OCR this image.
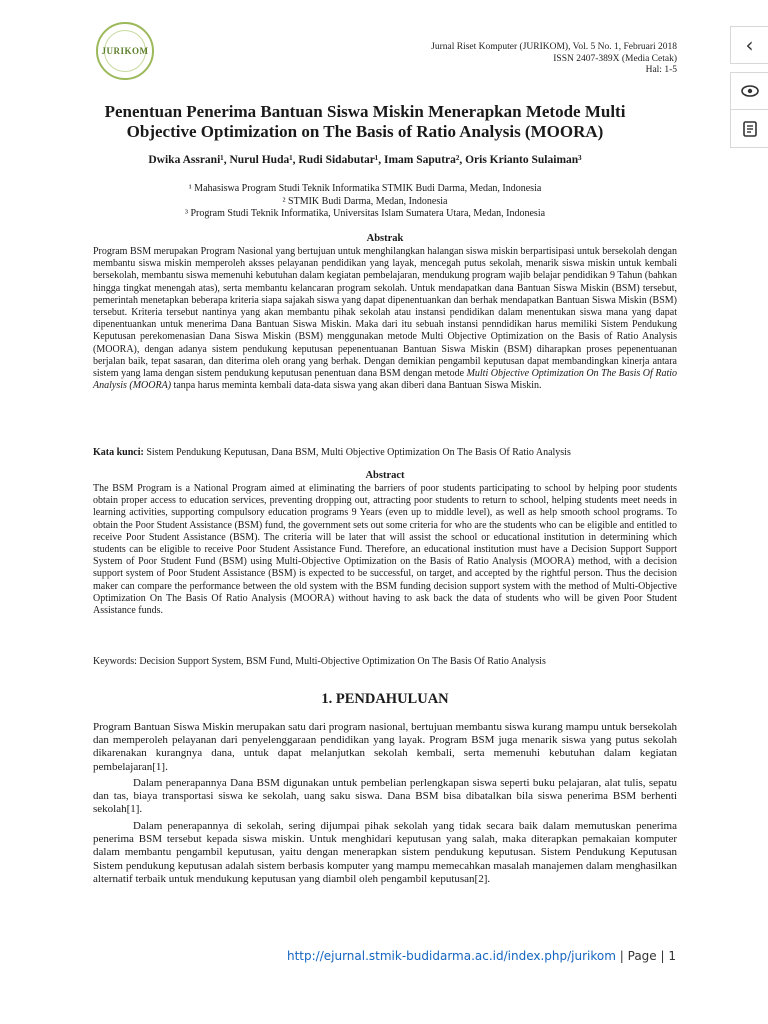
JURIKOM	Jurnal Riset Komputer (JURIKOM), Vol. 5 No. 1, Februari 2018
ISSN 2407-389X (Media Cetak)
Hal: 1-5
Penentuan Penerima Bantuan Siswa Miskin Menerapkan Metode Multi
Objective Optimization on The Basis of Ratio Analysis (MOORA)
Dwika Assrani¹, Nurul Huda¹, Rudi Sidabutar¹, Imam Saputra², Oris Krianto Sulaiman³
¹ Mahasiswa Program Studi Teknik Informatika STMIK Budi Darma, Medan, Indonesia
² STMIK Budi Darma, Medan, Indonesia
³ Program Studi Teknik Informatika, Universitas Islam Sumatera Utara, Medan, Indonesia
Abstrak
Program BSM merupakan Program Nasional yang bertujuan untuk menghilangkan halangan siswa miskin berpartisipasi untuk bersekolah dengan membantu siswa miskin memperoleh aksses pelayanan pendidikan yang layak, mencegah putus sekolah, menarik siswa miskin untuk kembali bersekolah, membantu siswa memenuhi kebutuhan dalam kegiatan pembelajaran, mendukung program wajib belajar pendidikan 9 Tahun (bahkan hingga tingkat menengah atas), serta membantu kelancaran program sekolah. Untuk mendapatkan dana Bantuan Siswa Miskin (BSM) tersebut, pemerintah menetapkan beberapa kriteria siapa sajakah siswa yang dapat dipenentuankan dan berhak mendapatkan Bantuan Siswa Miskin (BSM) tersebut. Kriteria tersebut nantinya yang akan membantu pihak sekolah atau instansi pendidikan dalam menentukan siswa mana yang dapat dipenentuankan untuk menerima Dana Bantuan Siswa Miskin. Maka dari itu sebuah instansi penndidikan harus memiliki Sistem Pendukung Keputusan perekomenasian Dana Siswa Miskin (BSM) menggunakan metode Multi Objective Optimization on the Basis of Ratio Analysis (MOORA), dengan adanya sistem pendukung keputusan pepenentuanan Bantuan Siswa Miskin (BSM) diharapkan proses pepenentuanan berjalan baik, tepat sasaran, dan diterima oleh orang yang berhak. Dengan demikian pengambil keputusan dapat membandingkan kinerja antara sistem yang lama dengan sistem pendukung keputusan penentuan dana BSM dengan metode Multi Objective Optimization On The Basis Of Ratio Analysis (MOORA) tanpa harus meminta kembali data-data siswa yang akan diberi dana Bantuan Siswa Miskin.
Kata kunci: Sistem Pendukung Keputusan, Dana BSM, Multi Objective Optimization On The Basis Of Ratio Analysis
Abstract
The BSM Program is a National Program aimed at eliminating the barriers of poor students participating to school by helping poor students obtain proper access to education services, preventing dropping out, attracting poor students to return to school, helping students meet needs in learning activities, supporting compulsory education programs 9 Years (even up to middle level), as well as help smooth school programs. To obtain the Poor Student Assistance (BSM) fund, the government sets out some criteria for who are the students who can be eligible and entitled to receive Poor Student Assistance (BSM). The criteria will be later that will assist the school or educational institution in determining which students can be eligible to receive Poor Student Assistance Fund. Therefore, an educational institution must have a Decision Support Support System of Poor Student Fund (BSM) using Multi-Objective Optimization on the Basis of Ratio Analysis (MOORA) method, with a decision support system of Poor Student Assistance (BSM) is expected to be successful, on target, and accepted by the rightful person. Thus the decision maker can compare the performance between the old system with the BSM funding decision support system with the method of Multi-Objective Optimization On The Basis Of Ratio Analysis (MOORA) without having to ask back the data of students who will be given Poor Student Assistance funds.
Keywords: Decision Support System, BSM Fund, Multi-Objective Optimization On The Basis Of Ratio Analysis
1. PENDAHULUAN
Program Bantuan Siswa Miskin merupakan satu dari program nasional, bertujuan membantu siswa kurang mampu untuk bersekolah dan memperoleh pelayanan dari penyelenggaraan pendidikan yang layak. Program BSM juga menarik siswa yang putus sekolah dikarenakan kurangnya dana, untuk dapat melanjutkan sekolah kembali, serta memenuhi kebutuhan dalam kegiatan pembelajaran[1].
Dalam penerapannya Dana BSM digunakan untuk pembelian perlengkapan siswa seperti buku pelajaran, alat tulis, sepatu dan tas, biaya transportasi siswa ke sekolah, uang saku siswa. Dana BSM bisa dibatalkan bila siswa penerima BSM berhenti sekolah[1].
Dalam penerapannya di sekolah, sering dijumpai pihak sekolah yang tidak secara baik dalam memutuskan penerima penerima BSM tersebut kepada siswa miskin. Untuk menghidari keputusan yang salah, maka diterapkan pemakaian komputer dalam membantu pengambil keputusan, yaitu dengan menerapkan sistem pendukung keputusan. Sistem Pendukung Keputusan Sistem pendukung keputusan adalah sistem berbasis komputer yang mampu memecahkan masalah manajemen dalam menghasilkan alternatif terbaik untuk mendukung keputusan yang diambil oleh pengambil keputusan[2].
http://ejurnal.stmik-budidarma.ac.id/index.php/jurikom | Page | 1
‹
